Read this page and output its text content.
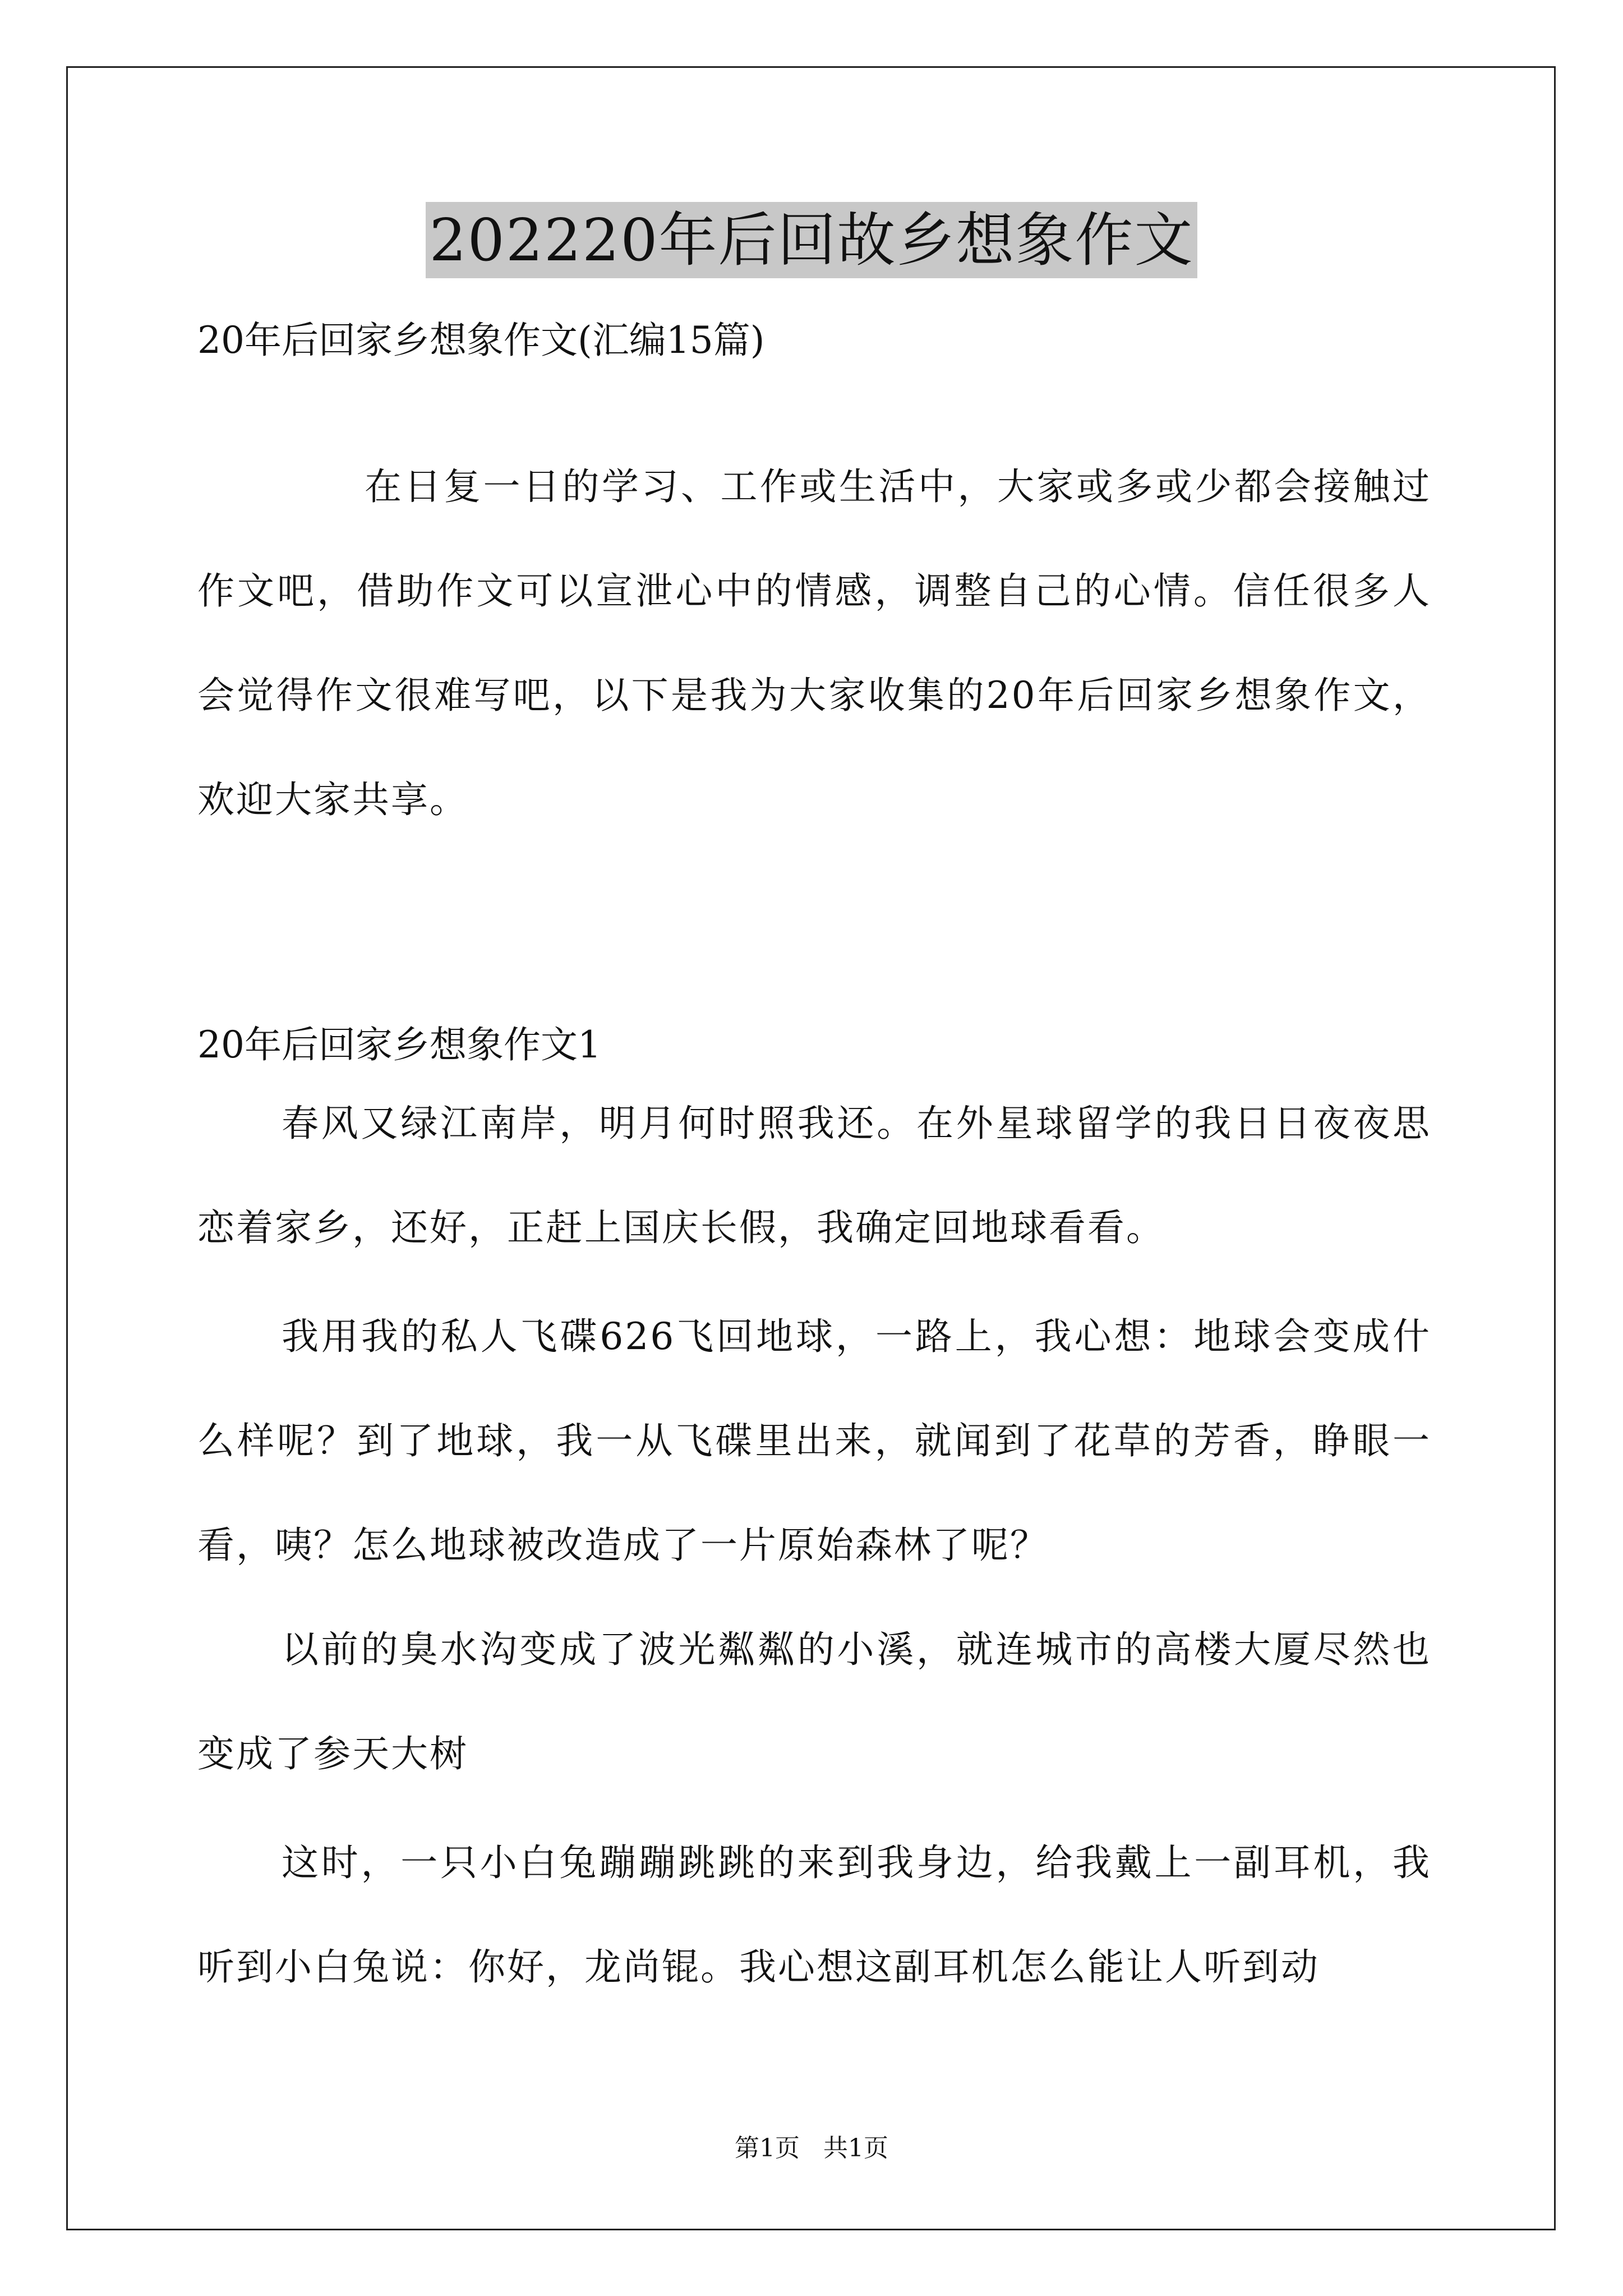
202220年后回故乡想象作文
20年后回家乡想象作文(汇编15篇)

在日复一日的学习、工作或生活中，大家或多或少都会接触过作文吧，借助作文可以宣泄心中的情感，调整自己的心情。信任很多人会觉得作文很难写吧，以下是我为大家收集的20年后回家乡想象作文，欢迎大家共享。

20年后回家乡想象作文1

春风又绿江南岸，明月何时照我还。在外星球留学的我日日夜夜思恋着家乡，还好，正赶上国庆长假，我确定回地球看看。

我用我的私人飞碟626飞回地球，一路上，我心想：地球会变成什么样呢？到了地球，我一从飞碟里出来，就闻到了花草的芳香，睁眼一看，咦？怎么地球被改造成了一片原始森林了呢？

以前的臭水沟变成了波光粼粼的小溪，就连城市的高楼大厦尽然也变成了参天大树

这时，一只小白兔蹦蹦跳跳的来到我身边，给我戴上一副耳机，我听到小白兔说：你好，龙尚锟。我心想这副耳机怎么能让人听到动

第1页   共1页
